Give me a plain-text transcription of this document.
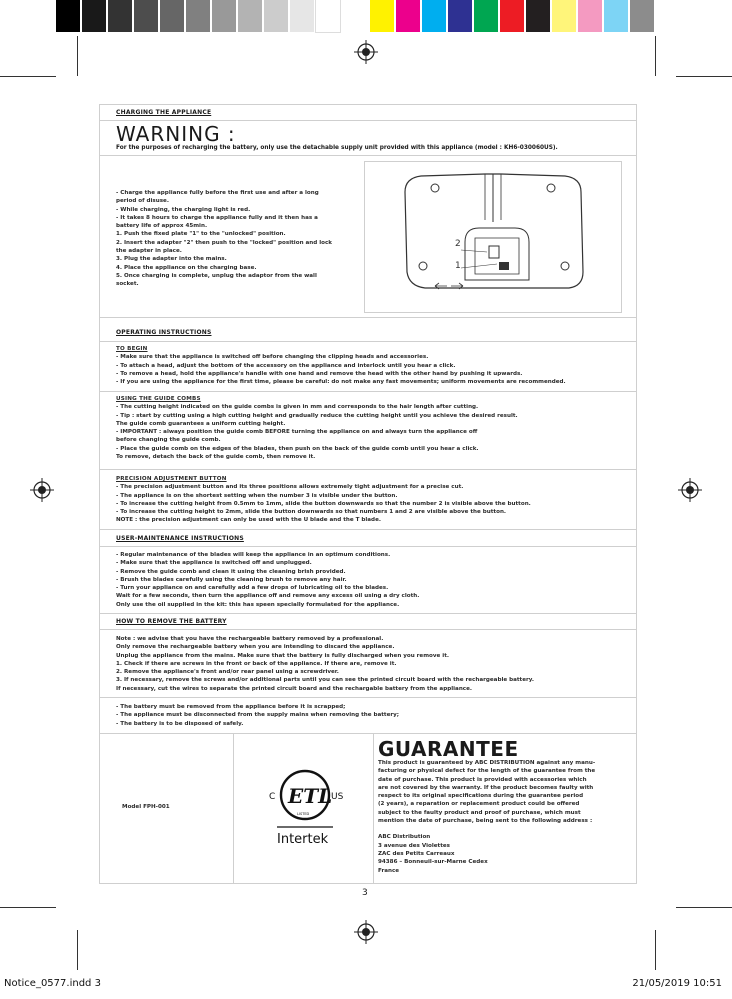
CHARGING THE APPLIANCE
WARNING :
For the purposes of recharging the battery, only use the detachable supply unit provided with this appliance (model : KH6-030060US).
- Charge the appliance fully before the first use and after a long
period of disuse.
- While charging, the charging light is red.
- It takes 8 hours to charge the appliance fully and it then has a
battery life of approx 45min.
1. Push the fixed plate "1" to the "unlocked" position.
2. Insert the adapter "2" then push to the "locked" position and lock
the adapter in place.
3. Plug the adapter into the mains.
4. Place the appliance on the charging base.
5. Once charging is complete, unplug the adaptor from the wall
socket.
2
1
OPERATING INSTRUCTIONS
TO BEGIN
- Make sure that the appliance is switched off before changing the clipping heads and accessories.
- To attach a head, adjust the bottom of the accessory on the appliance and interlock until you hear a click.
- To remove a head, hold the appliance's handle with one hand and remove the head with the other hand by pushing it upwards.
- If you are using the appliance for the first time, please be careful: do not make any fast movements; uniform movements are recommended.
USING THE GUIDE COMBS
- The cutting height indicated on the guide combs is given in mm and corresponds to the hair length after cutting.
- Tip : start by cutting using a high cutting height and gradually reduce the cutting height until you achieve the desired result.
The guide comb guarantees a uniform cutting height.
- IMPORTANT : always position the guide comb BEFORE turning the appliance on and always turn the appliance off
before changing the guide comb.
- Place the guide comb on the edges of the blades, then push on the back of the guide comb until you hear a click.
To remove, detach the back of the guide comb, then remove it.
PRECISION ADJUSTMENT BUTTON
- The precision adjustment button and its three positions allows extremely tight adjustment for a precise cut.
- The appliance is on the shortest setting when the number 3 is visible under the button.
- To increase the cutting height from 0.5mm to 1mm, slide the button downwards so that the number 2 is visible above the button.
- To increase the cutting height to 2mm, slide the button downwards so that numbers 1 and 2 are visible above the button.
NOTE : the precision adjustment can only be used with the U blade and the T blade.
USER-MAINTENANCE INSTRUCTIONS
- Regular maintenance of the blades will keep the appliance in an optimum conditions.
- Make sure that the appliance is switched off and unplugged.
- Remove the guide comb and clean it using the cleaning brish provided.
- Brush the blades carefully using the cleaning brush to remove any hair.
- Turn your appliance on and carefully add a few drops of lubricating oil to the blades.
Wait for a few seconds, then turn the appliance off and remove any excess oil using a dry cloth.
Only use the oil supplied in the kit: this has speen specially formulated for the appliance.
HOW TO REMOVE THE BATTERY
Note : we advise that you have the rechargeable battery removed by a professional.
Only remove the rechargeable battery when you are intending to discard the appliance.
Unplug the appliance from the mains. Make sure that the battery is fully discharged when you remove it.
1. Check if there are screws in the front or back of the appliance. If there are, remove it.
2. Remove the appliance's front and/or rear panel using a screwdriver.
3. If necessary, remove the screws and/or additional parts until you can see the printed circuit board with the rechargeable battery.
If necessary, cut the wires to separate the printed circuit board and the rechargable battery from the appliance.
- The battery must be removed from the appliance before it is scrapped;
- The appliance must be disconnected from the supply mains when removing the battery;
- The battery is to be disposed of safely.
Model FPH-001	ETL
C	US
LISTED
Intertek
GUARANTEE
This product is guaranteed by ABC DISTRIBUTION against any manu-
facturing or physical defect for the length of the guarantee from the
date of purchase. This product is provided with accessories which
are not covered by the warranty. If the product becomes faulty with
respect to its original specifications during the guarantee period
(2 years), a reparation or replacement product could be offered
subject to the faulty product and proof of purchase, which must
mention the date of purchase, being sent to the following address :
ABC Distribution
3 avenue des Violettes
ZAC des Petits Carreaux
94386 – Bonneuil-sur-Marne Cedex
France
3
Notice_0577.indd 3	21/05/2019 10:51
